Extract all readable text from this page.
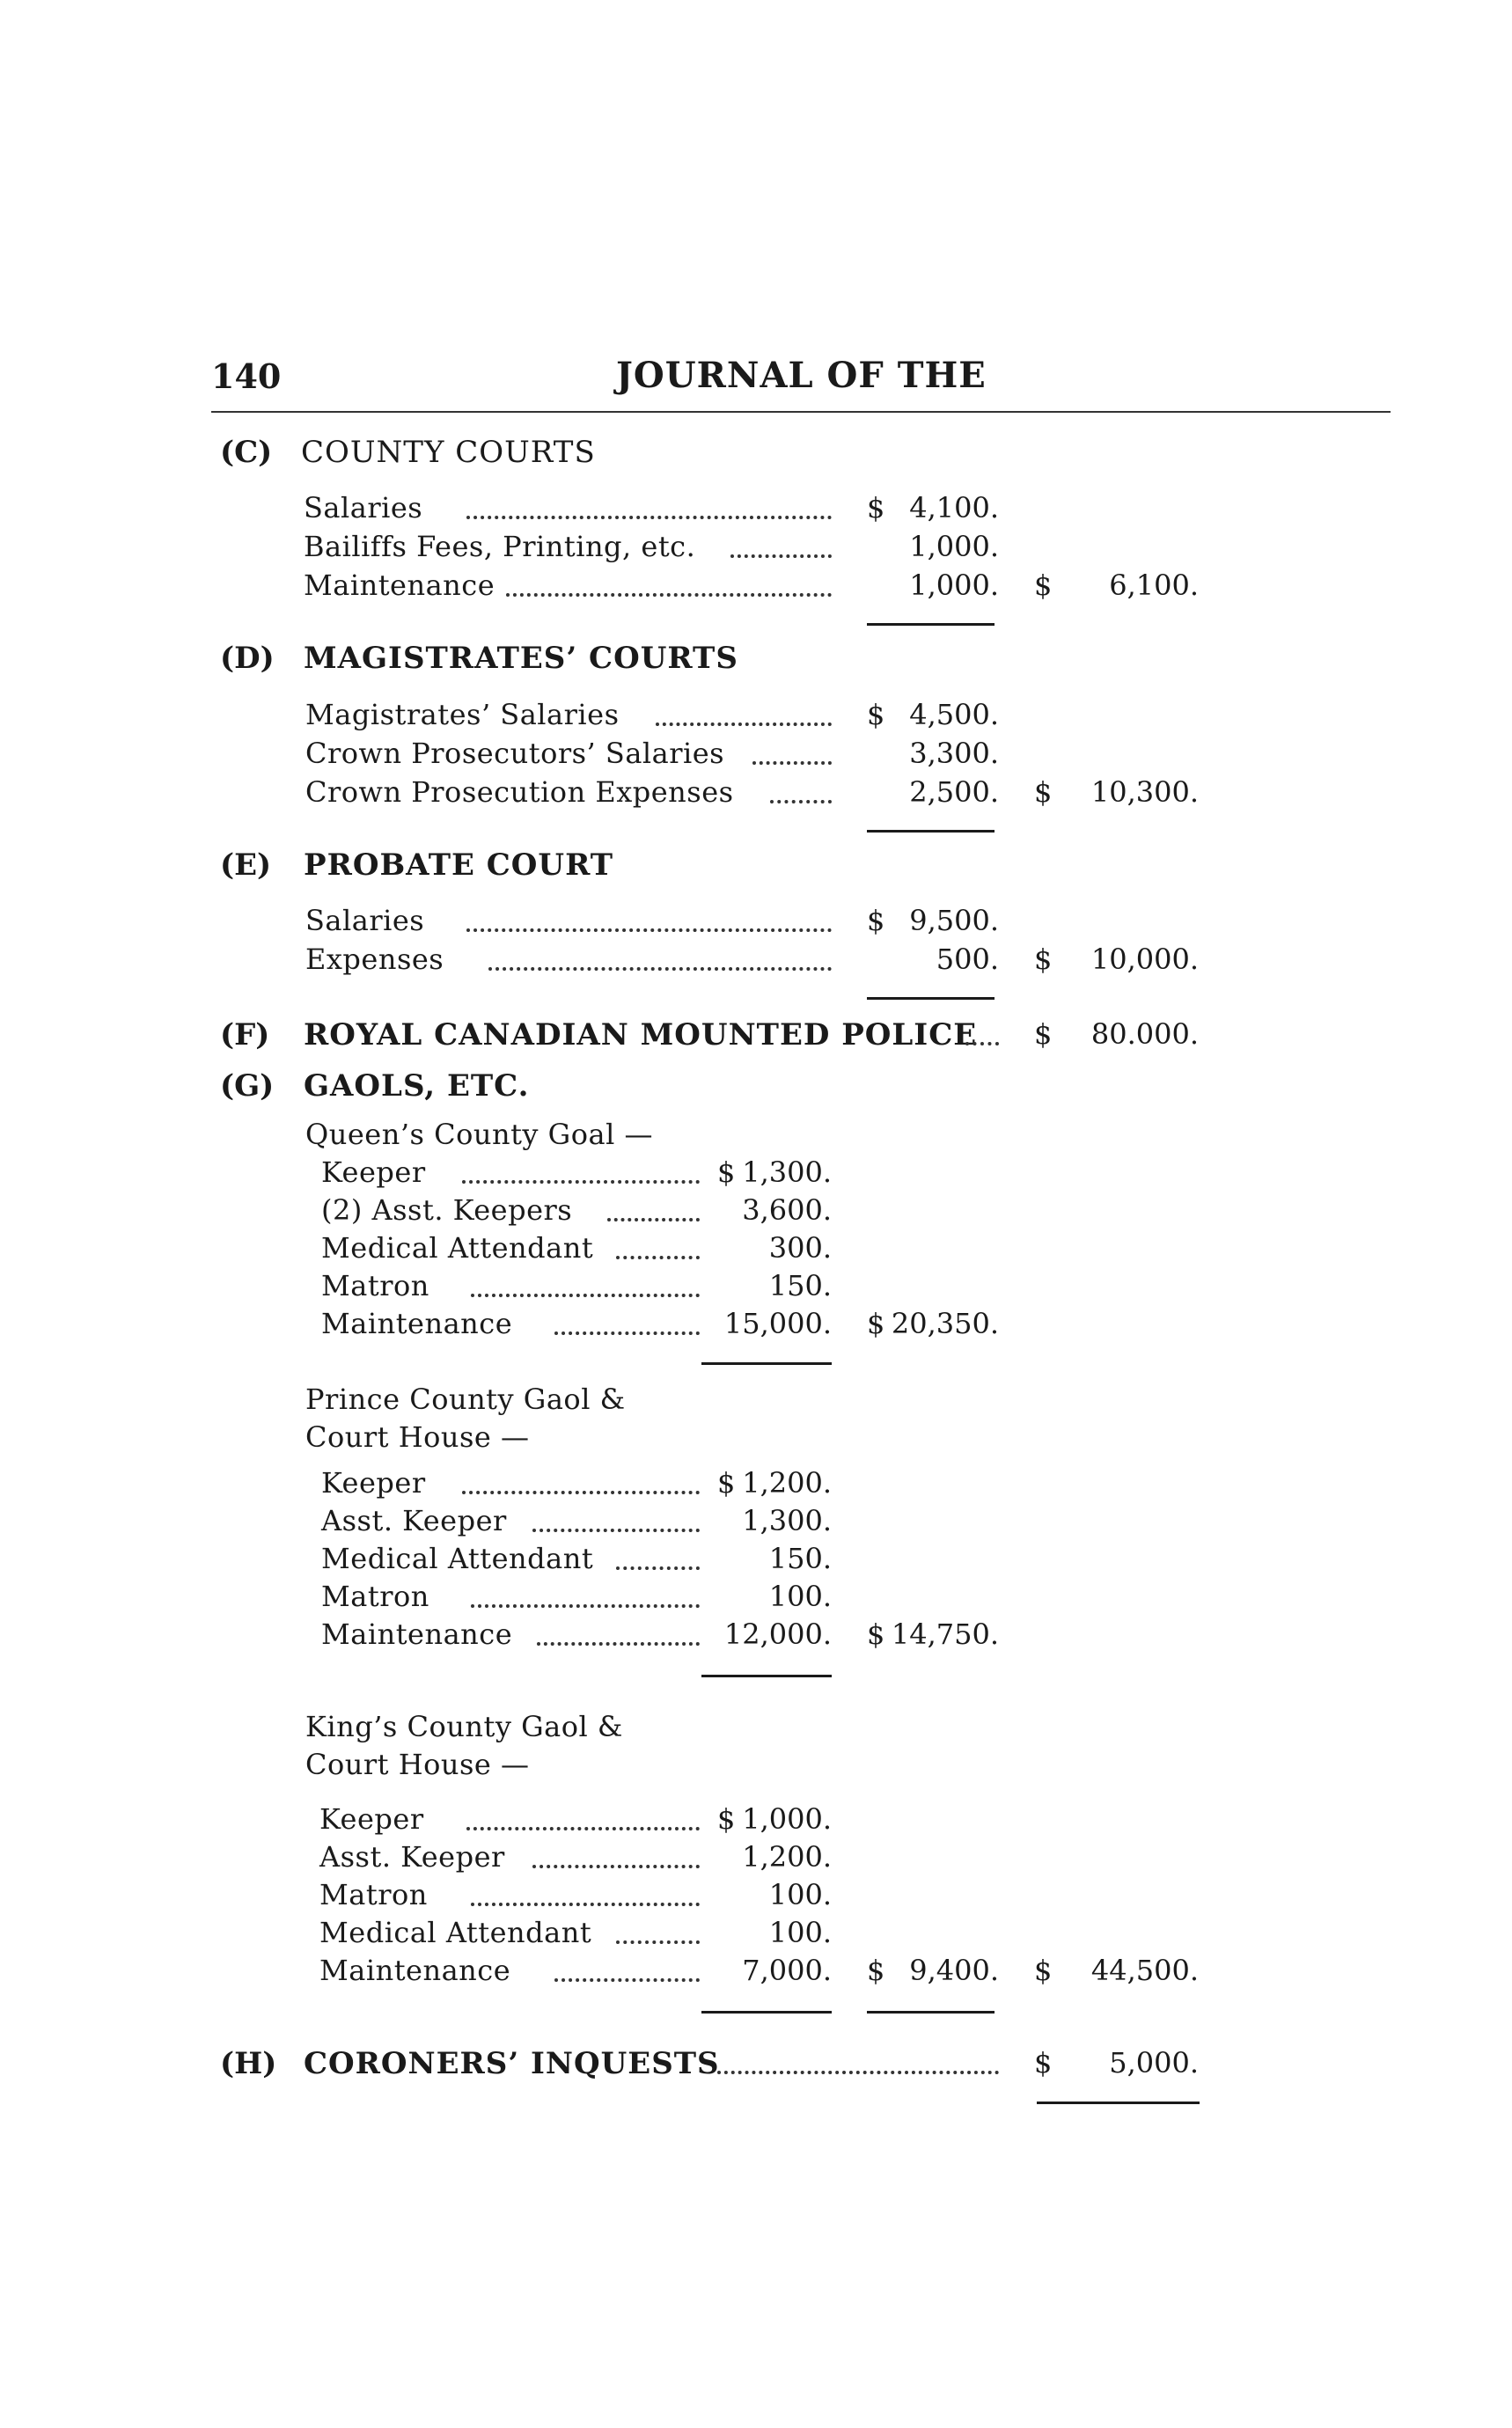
140	JOURNAL OF THE
(C) COUNTY COURTS
Salaries	$ 4,100.
Bailiffs Fees, Printing, etc.	1,000.
Maintenance	1,000. $	6,100.
(D) MAGISTRATES’ COURTS
Magistrates’ Salaries	$ 4,500.
Crown Prosecutors’ Salaries	3,300.
Crown Prosecution Expenses	2,500. $	10,300.
(E) PROBATE COURT
Salaries	$ 9,500.
Expenses	500. $	10,000.
(F) ROYAL CANADIAN MOUNTED POLICE $	80.000.
(G) GAOLS, ETC.
Queen’s County Goal —
Keeper	$ 1,300.
(2) Asst. Keepers	3,600.
Medical Attendant	300.
Matron	150.
Maintenance	15,000. $ 20,350.
Prince County Gaol &
Court House —
Keeper	$ 1,200.
Asst. Keeper	1,300.
Medical Attendant	150.
Matron	100.
Maintenance	12,000. $ 14,750.
King’s County Gaol &
Court House —
Keeper	$ 1,000.
Asst. Keeper	1,200.
Matron	100.
Medical Attendant	100.
Maintenance	7,000. $ 9,400. $	44,500.
(H) CORONERS’ INQUESTS	$	5,000.
